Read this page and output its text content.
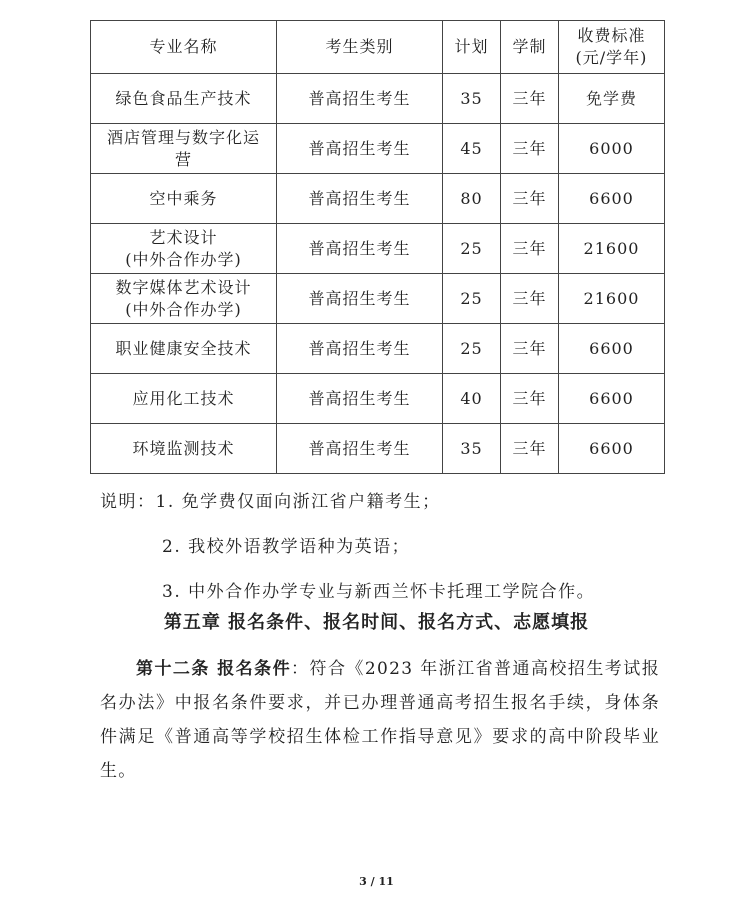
专业名称	考生类别	计划	学制	收费标准
(元/学年)

绿色食品生产技术	普高招生考生	35	三年	免学费

酒店管理与数字化运
营	普高招生考生	45	三年	6000

空中乘务	普高招生考生	80	三年	6600

艺术设计
(中外合作办学)	普高招生考生	25	三年	21600

数字媒体艺术设计
(中外合作办学)	普高招生考生	25	三年	21600

职业健康安全技术	普高招生考生	25	三年	6600

应用化工技术	普高招生考生	40	三年	6600

环境监测技术	普高招生考生	35	三年	6600
说明：1. 免学费仅面向浙江省户籍考生；
2. 我校外语教学语种为英语；
3. 中外合作办学专业与新西兰怀卡托理工学院合作。
第五章 报名条件、报名时间、报名方式、志愿填报
第十二条 报名条件：符合《2023 年浙江省普通高校招生考试报名办法》中报名条件要求，并已办理普通高考招生报名手续，身体条件满足《普通高等学校招生体检工作指导意见》要求的高中阶段毕业生。
3 / 11
